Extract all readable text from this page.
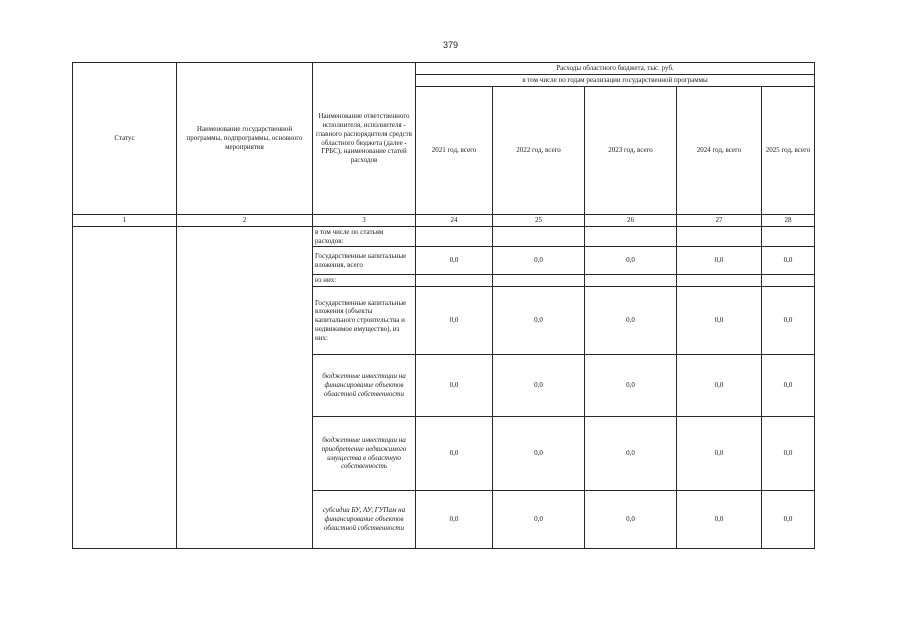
379
Статус	Наименование государственной программы, подпрограммы, основного мероприятия	Наименование ответственного исполнителя, исполнителя - главного распорядителя средств областного бюджета (далее - ГРБС), наименование статей расходов	Расходы областного бюджета, тыс. руб.				
			в том числе по годам реализации государственной программы				
			2021 год, всего	2022 год, всего	2023 год, всего	2024 год, всего	2025 год, всего
1	2	3	24	25	26	27	28
		в том числе по статьям расходов:					
		Государственные капитальные вложения, всего	0,0	0,0	0,0	0,0	0,0
		из них:					
		Государственные капитальные вложения (объекты капитального строительства и недвижимое имущество), из них:	0,0	0,0	0,0	0,0	0,0
		бюджетные инвестиции на финансирование объектов областной собственности	0,0	0,0	0,0	0,0	0,0
		бюджетные инвестиции на приобретение недвижимого имущества в областную собственность	0,0	0,0	0,0	0,0	0,0
		субсидии БУ, АУ, ГУПам на финансирование объектов областной собственности	0,0	0,0	0,0	0,0	0,0
